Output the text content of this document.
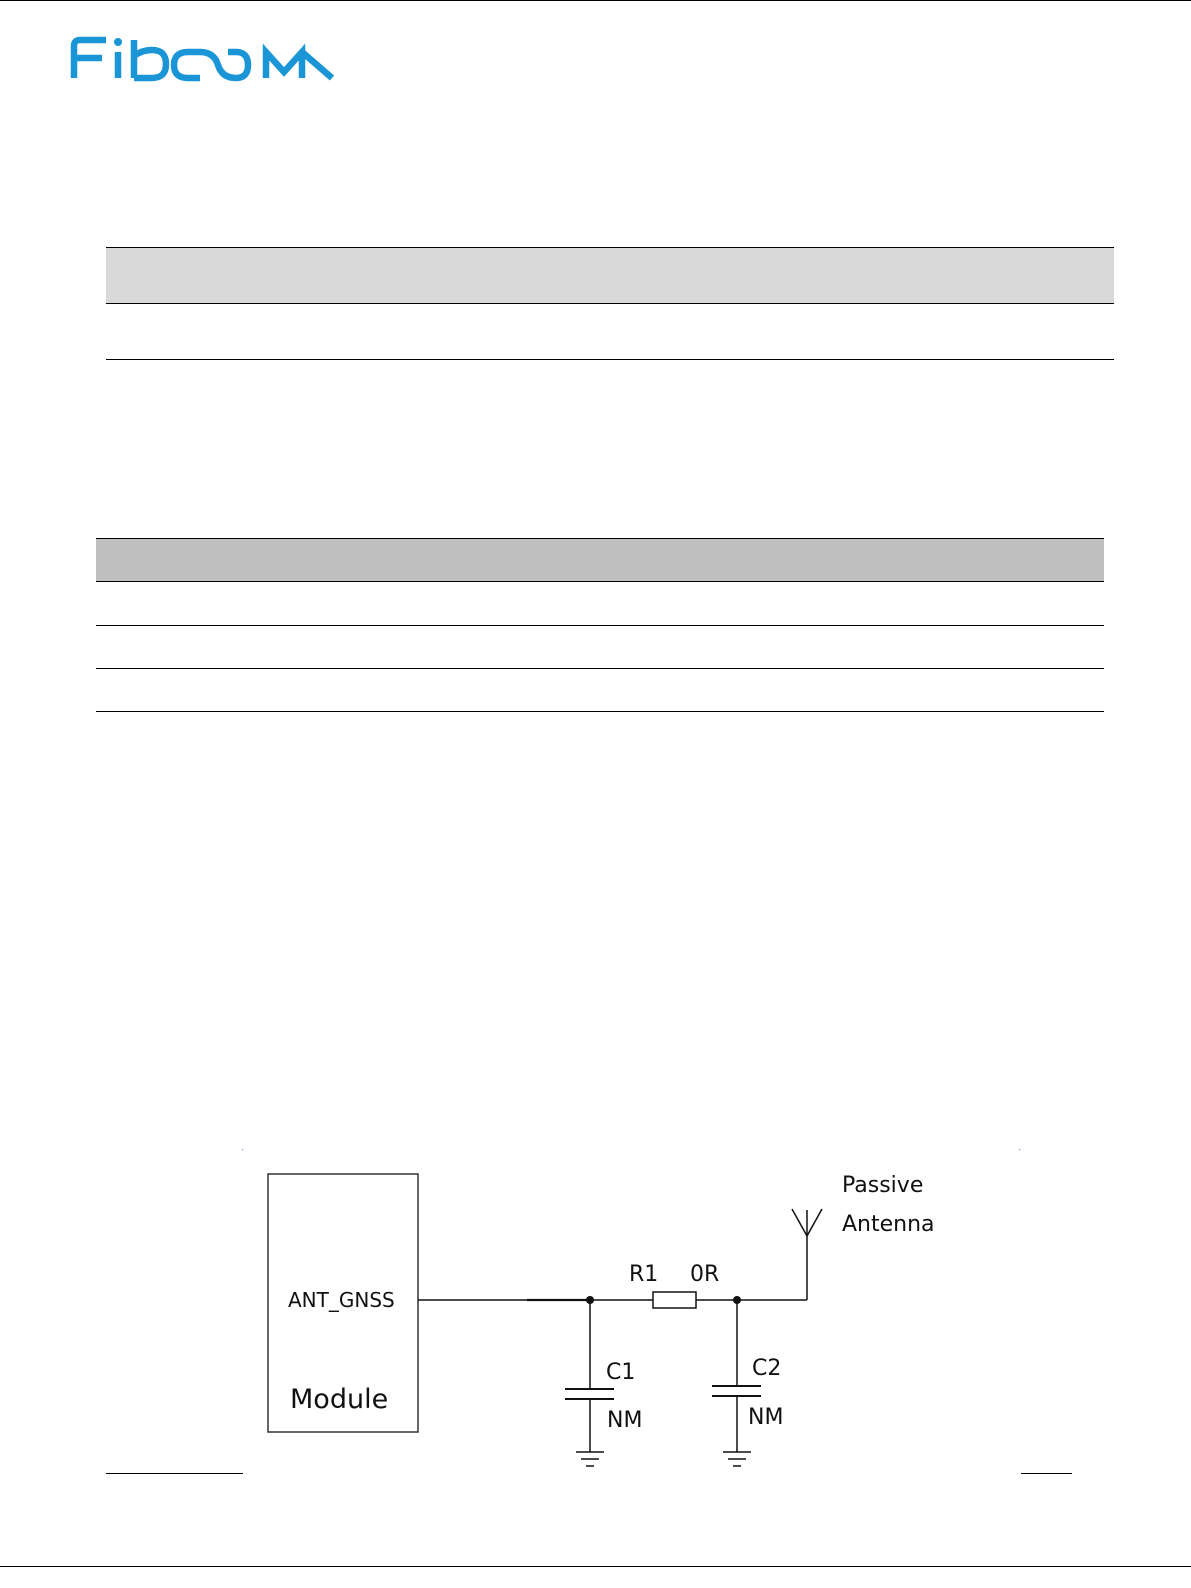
ANT_GNSS
Module
R1 0R
C1
NM
C2
NM
Passive
Antenna
